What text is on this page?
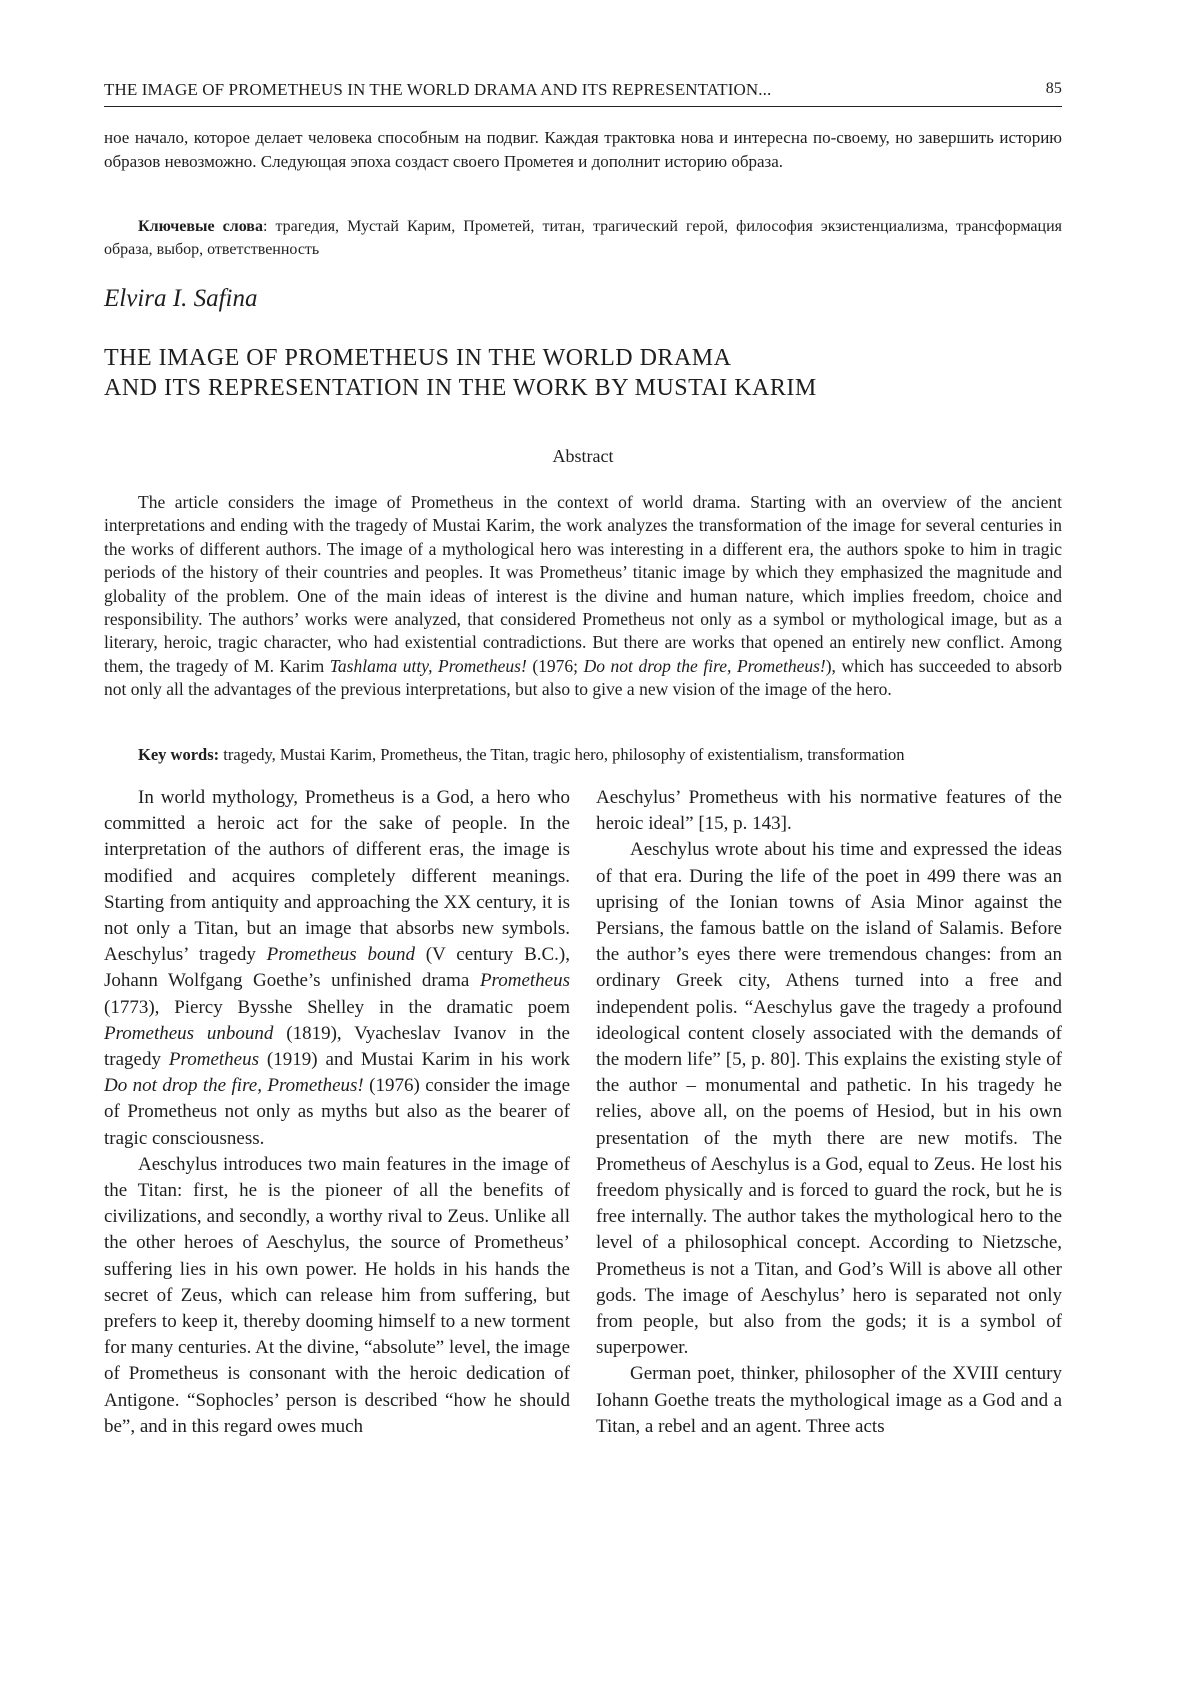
THE IMAGE OF PROMETHEUS IN THE WORLD DRAMA AND ITS REPRESENTATION...	85

ное начало, которое делает человека способным на подвиг. Каждая трактовка нова и интересна по-своему, но завершить историю образов невозможно. Следующая эпоха создаст своего Прометея и дополнит историю образа.

Ключевые слова: трагедия, Мустай Карим, Прометей, титан, трагический герой, философия экзистенциализма, трансформация образа, выбор, ответственность

Elvira I. Safina
THE IMAGE OF PROMETHEUS IN THE WORLD DRAMA
AND ITS REPRESENTATION IN THE WORK BY MUSTAI KARIM
Abstract

The article considers the image of Prometheus in the context of world drama. Starting with an overview of the ancient interpretations and ending with the tragedy of Mustai Karim, the work analyzes the transformation of the image for several centuries in the works of different authors. The image of a mythological hero was interesting in a different era, the authors spoke to him in tragic periods of the history of their countries and peoples. It was Prometheus’ titanic image by which they emphasized the magnitude and globality of the problem. One of the main ideas of interest is the divine and human nature, which implies freedom, choice and responsibility. The authors’ works were analyzed, that considered Prometheus not only as a symbol or mythological image, but as a literary, heroic, tragic character, who had existential contradictions. But there are works that opened an entirely new conflict. Among them, the tragedy of M. Karim Tashlama utty, Prometheus! (1976; Do not drop the fire, Prometheus!), which has succeeded to absorb not only all the advantages of the previous interpretations, but also to give a new vision of the image of the hero.

Key words: tragedy, Mustai Karim, Prometheus, the Titan, tragic hero, philosophy of existentialism, transformation

In world mythology, Prometheus is a God, a hero who committed a heroic act for the sake of people. In the interpretation of the authors of different eras, the image is modified and acquires completely different meanings. Starting from antiquity and approaching the XX century, it is not only a Titan, but an image that absorbs new symbols. Aeschylus’ tragedy Prometheus bound (V century B.C.), Johann Wolfgang Goethe’s unfinished drama Prometheus (1773), Piercy Bysshe Shelley in the dramatic poem Prometheus unbound (1819), Vyacheslav Ivanov in the tragedy Prometheus (1919) and Mustai Karim in his work Do not drop the fire, Prometheus! (1976) consider the image of Prometheus not only as myths but also as the bearer of tragic consciousness.

Aeschylus introduces two main features in the image of the Titan: first, he is the pioneer of all the benefits of civilizations, and secondly, a worthy rival to Zeus. Unlike all the other heroes of Aeschylus, the source of Prometheus’ suffering lies in his own power. He holds in his hands the secret of Zeus, which can release him from suffering, but prefers to keep it, thereby dooming himself to a new torment for many centuries. At the divine, “absolute” level, the image of Prometheus is consonant with the heroic dedication of Antigone. “Sophocles’ person is described “how he should be”, and in this regard owes much

Aeschylus’ Prometheus with his normative features of the heroic ideal” [15, p. 143].

Aeschylus wrote about his time and expressed the ideas of that era. During the life of the poet in 499 there was an uprising of the Ionian towns of Asia Minor against the Persians, the famous battle on the island of Salamis. Before the author’s eyes there were tremendous changes: from an ordinary Greek city, Athens turned into a free and independent polis. “Aeschylus gave the tragedy a profound ideological content closely associated with the demands of the modern life” [5, p. 80]. This explains the existing style of the author – monumental and pathetic. In his tragedy he relies, above all, on the poems of Hesiod, but in his own presentation of the myth there are new motifs. The Prometheus of Aeschylus is a God, equal to Zeus. He lost his freedom physically and is forced to guard the rock, but he is free internally. The author takes the mythological hero to the level of a philosophical concept. According to Nietzsche, Prometheus is not a Titan, and God’s Will is above all other gods. The image of Aeschylus’ hero is separated not only from people, but also from the gods; it is a symbol of superpower.

German poet, thinker, philosopher of the XVIII century Iohann Goethe treats the mythological image as a God and a Titan, a rebel and an agent. Three acts
